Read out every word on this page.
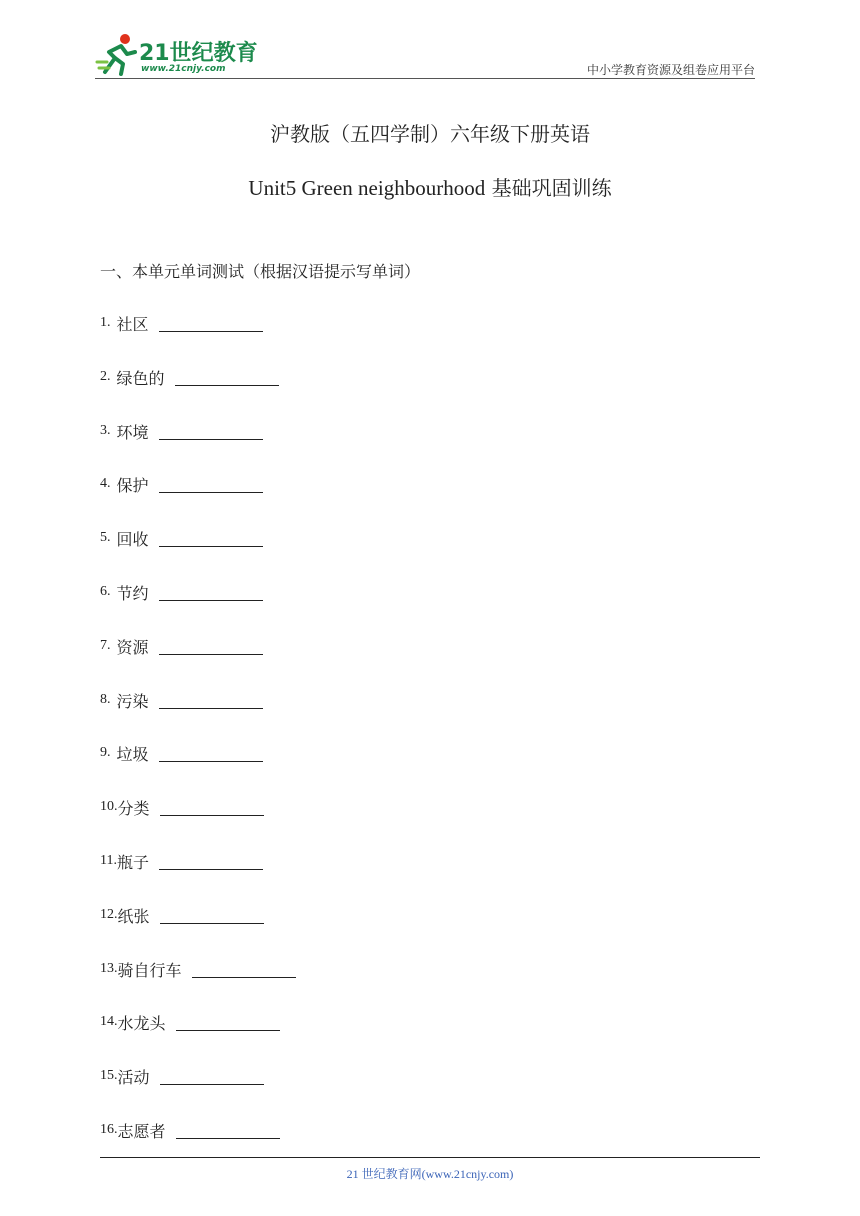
21世纪教育
www.21cnjy.com	中小学教育资源及组卷应用平台
沪教版（五四学制）六年级下册英语
Unit5 Green neighbourhood 基础巩固训练
一、本单元单词测试（根据汉语提示写单词）
1. 社区
2. 绿色的
3. 环境
4. 保护
5. 回收
6. 节约
7. 资源
8. 污染
9. 垃圾
10. 分类
11. 瓶子
12. 纸张
13. 骑自行车
14. 水龙头
15. 活动
16. 志愿者
21 世纪教育网(www.21cnjy.com)
